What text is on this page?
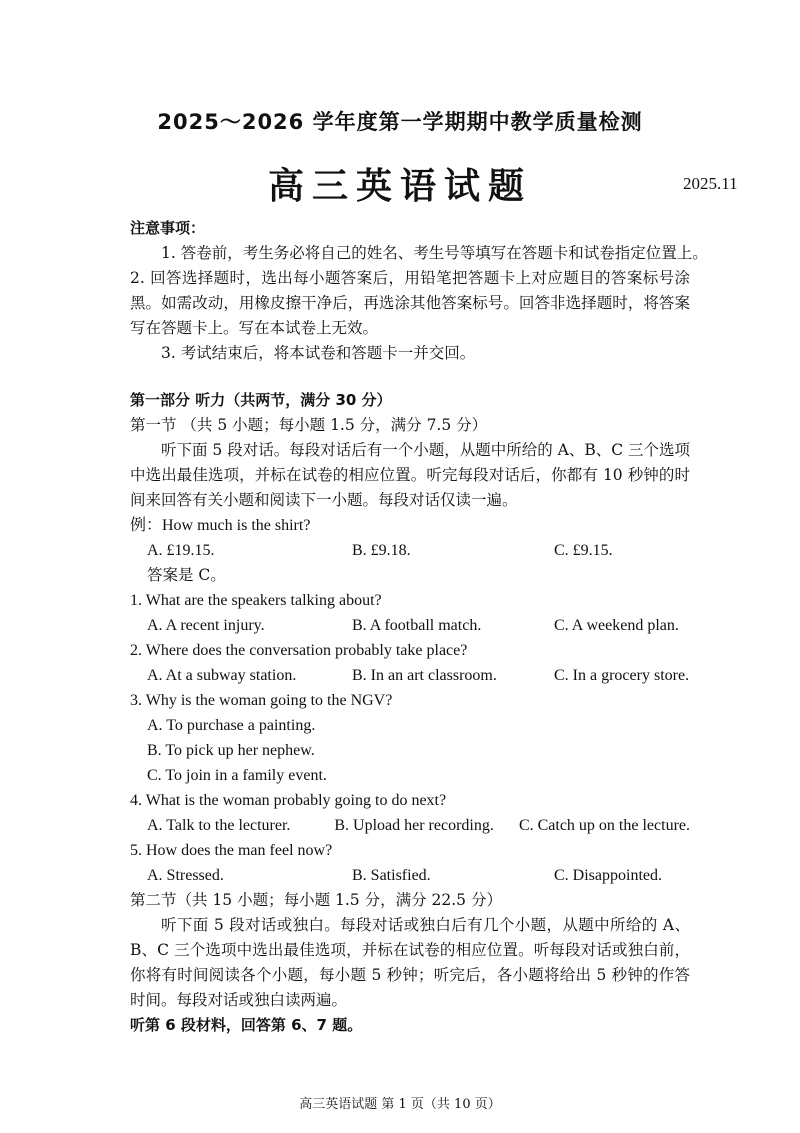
2025～2026 学年度第一学期期中教学质量检测
高三英语试题	2025.11
注意事项：
1. 答卷前，考生务必将自己的姓名、考生号等填写在答题卡和试卷指定位置上。
2. 回答选择题时，选出每小题答案后，用铅笔把答题卡上对应题目的答案标号涂黑。如需改动，用橡皮擦干净后，再选涂其他答案标号。回答非选择题时，将答案写在答题卡上。写在本试卷上无效。
3. 考试结束后，将本试卷和答题卡一并交回。
第一部分 听力（共两节，满分 30 分）
第一节 （共 5 小题；每小题 1.5 分，满分 7.5 分）
听下面 5 段对话。每段对话后有一个小题，从题中所给的 A、B、C 三个选项中选出最佳选项，并标在试卷的相应位置。听完每段对话后，你都有 10 秒钟的时间来回答有关小题和阅读下一小题。每段对话仅读一遍。
例：How much is the shirt?
A. £19.15.	B. £9.18.	C. £9.15.
答案是 C。
1. What are the speakers talking about?
A. A recent injury.	B. A football match.	C. A weekend plan.
2. Where does the conversation probably take place?
A. At a subway station.	B. In an art classroom.	C. In a grocery store.
3. Why is the woman going to the NGV?
A. To purchase a painting.
B. To pick up her nephew.
C. To join in a family event.
4. What is the woman probably going to do next?
A. Talk to the lecturer.	B. Upload her recording.	C. Catch up on the lecture.
5. How does the man feel now?
A. Stressed.	B. Satisfied.	C. Disappointed.
第二节（共 15 小题；每小题 1.5 分，满分 22.5 分）
听下面 5 段对话或独白。每段对话或独白后有几个小题，从题中所给的 A、B、C 三个选项中选出最佳选项，并标在试卷的相应位置。听每段对话或独白前，你将有时间阅读各个小题，每小题 5 秒钟；听完后，各小题将给出 5 秒钟的作答时间。每段对话或独白读两遍。
听第 6 段材料，回答第 6、7 题。
高三英语试题 第 1 页（共 10 页）
